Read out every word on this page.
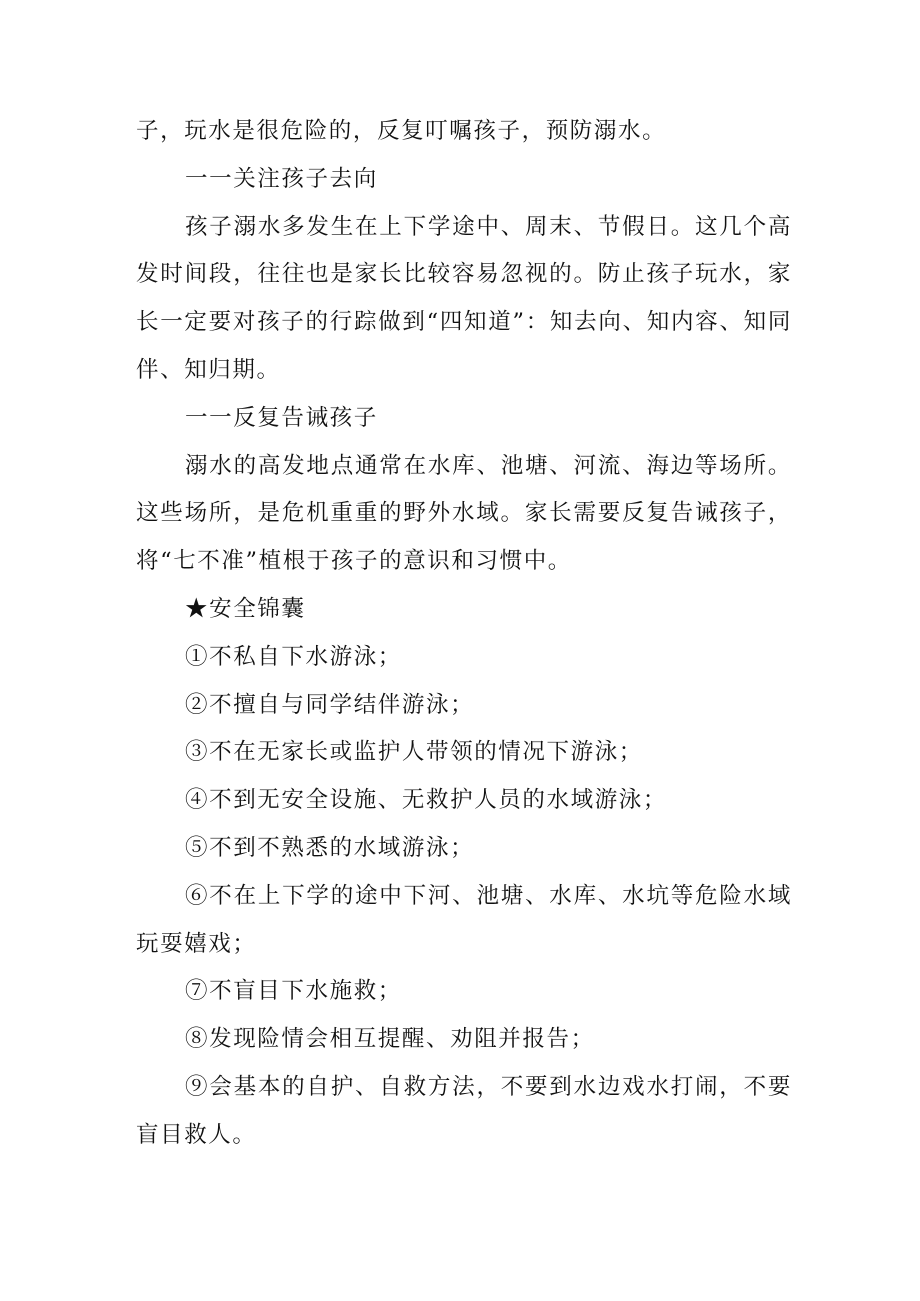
子，玩水是很危险的，反复叮嘱孩子，预防溺水。

一一关注孩子去向

孩子溺水多发生在上下学途中、周末、节假日。这几个高发时间段，往往也是家长比较容易忽视的。防止孩子玩水，家长一定要对孩子的行踪做到“四知道”：知去向、知内容、知同伴、知归期。

一一反复告诫孩子

溺水的高发地点通常在水库、池塘、河流、海边等场所。这些场所，是危机重重的野外水域。家长需要反复告诫孩子，将“七不准”植根于孩子的意识和习惯中。

★安全锦囊

①不私自下水游泳；

②不擅自与同学结伴游泳；

③不在无家长或监护人带领的情况下游泳；

④不到无安全设施、无救护人员的水域游泳；

⑤不到不熟悉的水域游泳；

⑥不在上下学的途中下河、池塘、水库、水坑等危险水域玩耍嬉戏；

⑦不盲目下水施救；

⑧发现险情会相互提醒、劝阻并报告；

⑨会基本的自护、自救方法，不要到水边戏水打闹，不要盲目救人。
